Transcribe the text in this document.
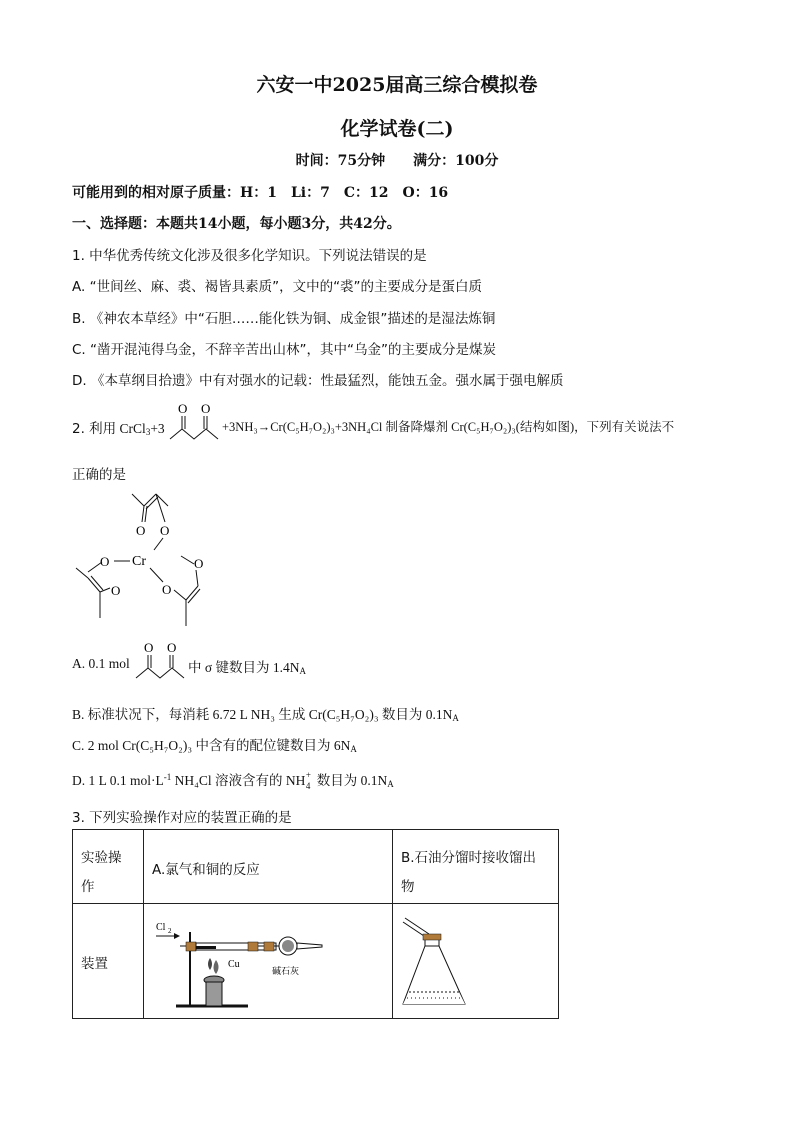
六安一中2025届高三综合模拟卷
化学试卷(二)
时间：75分钟　　满分：100分
可能用到的相对原子质量：H：1　Li：7　C：12　O：16
一、选择题：本题共14小题，每小题3分，共42分。
1. 中华优秀传统文化涉及很多化学知识。下列说法错误的是
A. “世间丝、麻、裘、褐皆具素质”，文中的“裘”的主要成分是蛋白质
B. 《神农本草经》中“石胆……能化铁为铜、成金银”描述的是湿法炼铜
C. “凿开混沌得乌金，不辞辛苦出山林”，其中“乌金”的主要成分是煤炭
D. 《本草纲目拾遗》中有对强水的记载：性最猛烈，能蚀五金。强水属于强电解质
2. 利用 CrCl$_3$+3
O O
+3NH₃→Cr(C₅H₇O₂)₃+3NH₄Cl 制备降爆剂 Cr(C₅H₇O₂)₃(结构如图)，下列有关说法不
正确的是
O O
Cr
O
O	O
O
A. 0.1 mol
O O
中 σ 键数目为 $1.4N_A$
B. 标准状况下，每消耗 6.72 L NH₃ 生成 Cr(C₅H₇O₂)₃ 数目为 $0.1N_A$
C. 2 mol Cr(C₅H₇O₂)₃ 中含有的配位键数目为 $6N_A$
D. 1 L 0.1 $mol\cdot L^{-1}$ NH₄Cl 溶液含有的 NH +
4 数目为 $0.1N_A$
3. 下列实验操作对应的装置正确的是
实验操
作	A.氯气和铜的反应	B.石油分馏时接收馏出
物

装置	Cl 2
碱石灰
Cu
